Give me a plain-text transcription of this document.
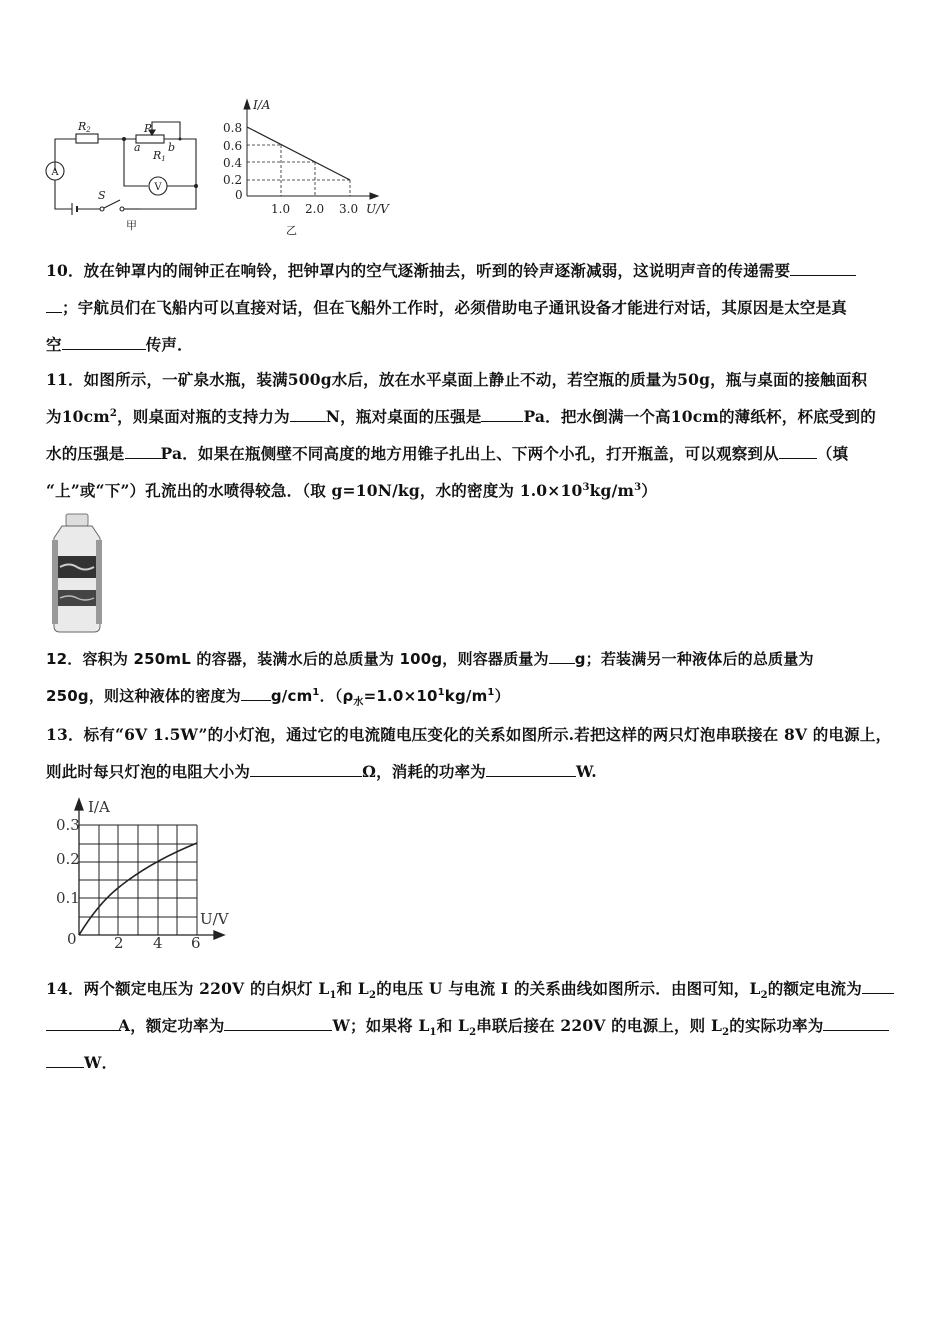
R2	P
a b
R1
S
A
V
甲
I/A
0.8
0.6
0.4
0.2
0
1.0 2.0 3.0 U/V
乙

10．放在钟罩内的闹钟正在响铃，把钟罩内的空气逐渐抽去，听到的铃声逐渐减弱，这说明声音的传递需要

；宇航员们在飞船内可以直接对话，但在飞船外工作时，必须借助电子通讯设备才能进行对话，其原因是太空是真

空	传声．

11．如图所示，一矿泉水瓶，装满500g水后，放在水平桌面上静止不动，若空瓶的质量为50g，瓶与桌面的接触面积

为$10cm^2$，则桌面对瓶的支持力为 N，瓶对桌面的压强是	Pa．把水倒满一个高10cm的薄纸杯，杯底受到的

水的压强是 Pa．如果在瓶侧壁不同高度的地方用锥子扎出上、下两个小孔，打开瓶盖，可以观察到从 （填

“上”或“下”）孔流出的水喷得较急．（取 g=10N/kg，水的密度为 $1.0\times 10^3kg/m^3$）

12．容积为 250mL 的容器，装满水后的总质量为 100g，则容器质量为 g；若装满另一种液体后的总质量为

250g，则这种液体的密度为 $g/cm^1$．$(\rho_水=1.0\times 10^1kg/m^1)$

13．标有“6V 1.5W”的小灯泡，通过它的电流随电压变化的关系如图所示.若把这样的两只灯泡串联接在 8V 的电源上，

则此时每只灯泡的电阻大小为	Ω，消耗的功率为	W.

I/A
0.3
0.2
0.1
0 2 4 6
U/V

14．两个额定电压为 220V 的白炽灯 $L_1$和 $L_2$的电压 U 与电流 I 的关系曲线如图所示．由图可知，$L_2$的额定电流为

A，额定功率为	W；如果将 $L_1$和 $L_2$串联后接在 220V 的电源上，则 $L_2$的实际功率为

W．
